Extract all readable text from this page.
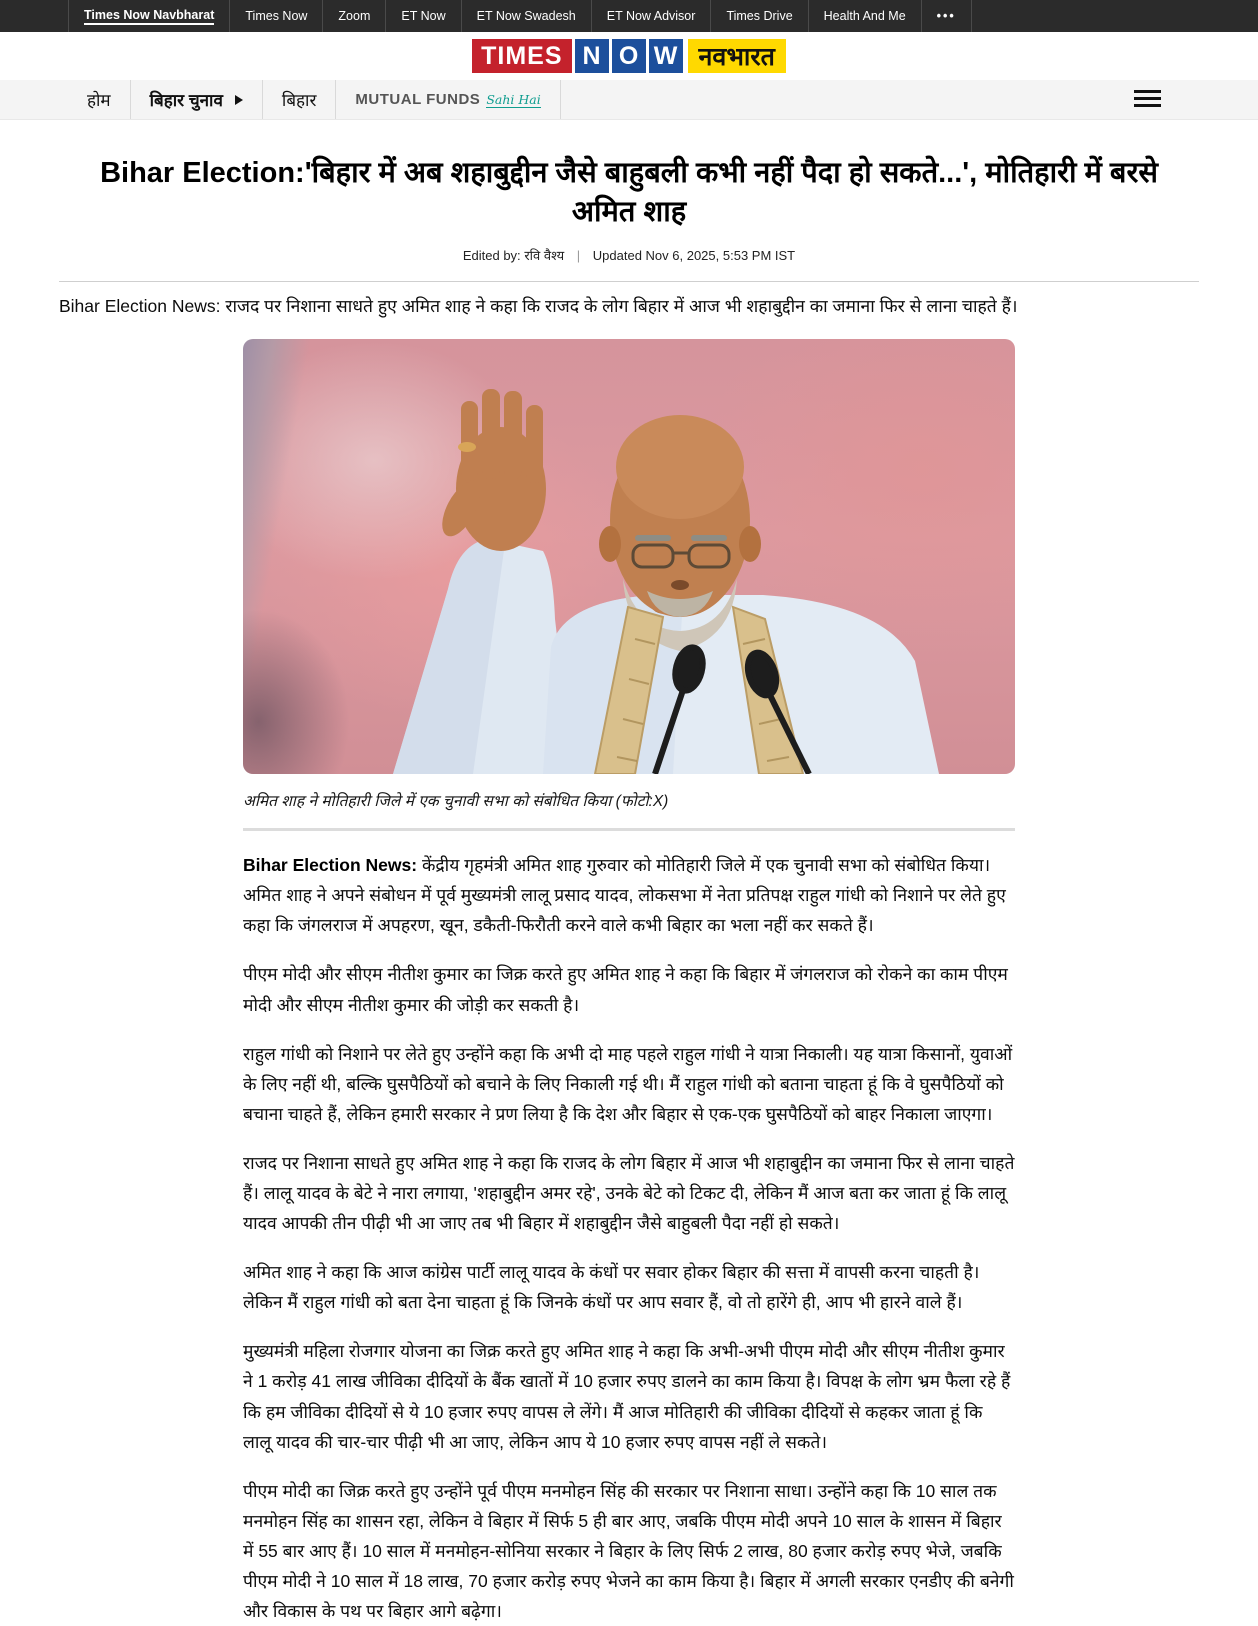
Times Now Navbharat Times Now Zoom ET Now ET Now Swadesh ET Now Advisor Times Drive Health And Me •••
TIMES N O W नवभारत
होम बिहार चुनाव	बिहार	MUTUAL FUNDS Sahi Hai
Bihar Election:'बिहार में अब शहाबुद्दीन जैसे बाहुबली कभी नहीं पैदा हो सकते...', मोतिहारी में बरसे अमित शाह
Edited by: रवि वैश्य | Updated Nov 6, 2025, 5:53 PM IST

Bihar Election News: राजद पर निशाना साधते हुए अमित शाह ने कहा कि राजद के लोग बिहार में आज भी शहाबुद्दीन का जमाना फिर से लाना चाहते हैं।

अमित शाह ने मोतिहारी जिले में एक चुनावी सभा को संबोधित किया (फोटो:X)

Bihar Election News: केंद्रीय गृहमंत्री अमित शाह गुरुवार को मोतिहारी जिले में एक चुनावी सभा को संबोधित किया। अमित शाह ने अपने संबोधन में पूर्व मुख्यमंत्री लालू प्रसाद यादव, लोकसभा में नेता प्रतिपक्ष राहुल गांधी को निशाने पर लेते हुए कहा कि जंगलराज में अपहरण, खून, डकैती-फिरौती करने वाले कभी बिहार का भला नहीं कर सकते हैं।

पीएम मोदी और सीएम नीतीश कुमार का जिक्र करते हुए अमित शाह ने कहा कि बिहार में जंगलराज को रोकने का काम पीएम मोदी और सीएम नीतीश कुमार की जोड़ी कर सकती है।

राहुल गांधी को निशाने पर लेते हुए उन्होंने कहा कि अभी दो माह पहले राहुल गांधी ने यात्रा निकाली। यह यात्रा किसानों, युवाओं के लिए नहीं थी, बल्कि घुसपैठियों को बचाने के लिए निकाली गई थी। मैं राहुल गांधी को बताना चाहता हूं कि वे घुसपैठियों को बचाना चाहते हैं, लेकिन हमारी सरकार ने प्रण लिया है कि देश और बिहार से एक-एक घुसपैठियों को बाहर निकाला जाएगा।

राजद पर निशाना साधते हुए अमित शाह ने कहा कि राजद के लोग बिहार में आज भी शहाबुद्दीन का जमाना फिर से लाना चाहते हैं। लालू यादव के बेटे ने नारा लगाया, 'शहाबुद्दीन अमर रहे', उनके बेटे को टिकट दी, लेकिन मैं आज बता कर जाता हूं कि लालू यादव आपकी तीन पीढ़ी भी आ जाए तब भी बिहार में शहाबुद्दीन जैसे बाहुबली पैदा नहीं हो सकते।

अमित शाह ने कहा कि आज कांग्रेस पार्टी लालू यादव के कंधों पर सवार होकर बिहार की सत्ता में वापसी करना चाहती है। लेकिन मैं राहुल गांधी को बता देना चाहता हूं कि जिनके कंधों पर आप सवार हैं, वो तो हारेंगे ही, आप भी हारने वाले हैं।

मुख्यमंत्री महिला रोजगार योजना का जिक्र करते हुए अमित शाह ने कहा कि अभी-अभी पीएम मोदी और सीएम नीतीश कुमार ने 1 करोड़ 41 लाख जीविका दीदियों के बैंक खातों में 10 हजार रुपए डालने का काम किया है। विपक्ष के लोग भ्रम फैला रहे हैं कि हम जीविका दीदियों से ये 10 हजार रुपए वापस ले लेंगे। मैं आज मोतिहारी की जीविका दीदियों से कहकर जाता हूं कि लालू यादव की चार-चार पीढ़ी भी आ जाए, लेकिन आप ये 10 हजार रुपए वापस नहीं ले सकते।

पीएम मोदी का जिक्र करते हुए उन्होंने पूर्व पीएम मनमोहन सिंह की सरकार पर निशाना साधा। उन्होंने कहा कि 10 साल तक मनमोहन सिंह का शासन रहा, लेकिन वे बिहार में सिर्फ 5 ही बार आए, जबकि पीएम मोदी अपने 10 साल के शासन में बिहार में 55 बार आए हैं। 10 साल में मनमोहन-सोनिया सरकार ने बिहार के लिए सिर्फ 2 लाख, 80 हजार करोड़ रुपए भेजे, जबकि पीएम मोदी ने 10 साल में 18 लाख, 70 हजार करोड़ रुपए भेजने का काम किया है। बिहार में अगली सरकार एनडीए की बनेगी और विकास के पथ पर बिहार आगे बढ़ेगा।
